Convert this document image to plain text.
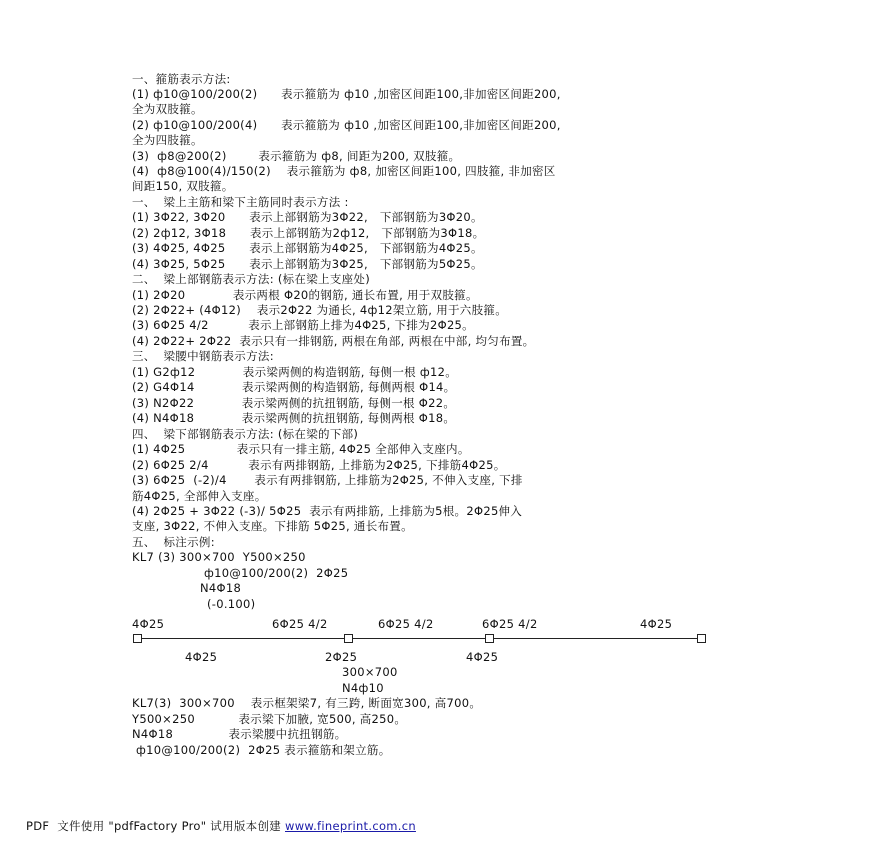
一、箍筋表示方法:
(1) ф10@100/200(2)      表示箍筋为 ф10 ,加密区间距100,非加密区间距200,
全为双肢箍。
(2) ф10@100/200(4)      表示箍筋为 ф10 ,加密区间距100,非加密区间距200,
全为四肢箍。
(3)  ф8@200(2)        表示箍筋为 ф8, 间距为200, 双肢箍。
(4)  ф8@100(4)/150(2)    表示箍筋为 ф8, 加密区间距100, 四肢箍, 非加密区
间距150, 双肢箍。
一、  梁上主筋和梁下主筋同时表示方法 :
(1) 3Φ22, 3Φ20      表示上部钢筋为3Φ22,   下部钢筋为3Φ20。
(2) 2ф12, 3Φ18      表示上部钢筋为2ф12,   下部钢筋为3Φ18。
(3) 4Φ25, 4Φ25      表示上部钢筋为4Φ25,   下部钢筋为4Φ25。
(4) 3Φ25, 5Φ25      表示上部钢筋为3Φ25,   下部钢筋为5Φ25。
二、  梁上部钢筋表示方法: (标在梁上支座处)
(1) 2Φ20            表示两根 Φ20的钢筋, 通长布置, 用于双肢箍。
(2) 2Φ22+ (4Φ12)    表示2Φ22 为通长, 4ф12架立筋, 用于六肢箍。
(3) 6Φ25 4/2          表示上部钢筋上排为4Φ25, 下排为2Φ25。
(4) 2Φ22+ 2Φ22  表示只有一排钢筋, 两根在角部, 两根在中部, 均匀布置。
三、  梁腰中钢筋表示方法:
(1) G2ф12            表示梁两侧的构造钢筋, 每侧一根 ф12。
(2) G4Φ14            表示梁两侧的构造钢筋, 每侧两根 Φ14。
(3) N2Φ22            表示梁两侧的抗扭钢筋, 每侧一根 Φ22。
(4) N4Φ18            表示梁两侧的抗扭钢筋, 每侧两根 Φ18。
四、  梁下部钢筋表示方法: (标在梁的下部)
(1) 4Φ25             表示只有一排主筋, 4Φ25 全部伸入支座内。
(2) 6Φ25 2/4          表示有两排钢筋, 上排筋为2Φ25, 下排筋4Φ25。
(3) 6Φ25  (-2)/4       表示有两排钢筋, 上排筋为2Φ25, 不伸入支座, 下排
筋4Φ25, 全部伸入支座。
(4) 2Φ25 + 3Φ22 (-3)/ 5Φ25  表示有两排筋, 上排筋为5根。2Φ25伸入
支座, 3Φ22, 不伸入支座。下排筋 5Φ25, 通长布置。
五、  标注示例:
KL7 (3) 300×700  Y500×250
ф10@100/200(2)  2Φ25
N4Φ18
(-0.100)
4Φ25	6Φ25 4/2	6Φ25 4/2	6Φ25 4/2	4Φ25
4Φ25	2Φ25	4Φ25
300×700
N4ф10
KL7(3)  300×700    表示框架梁7, 有三跨, 断面宽300, 高700。
Y500×250           表示梁下加腋, 宽500, 高250。
N4Φ18              表示梁腰中抗扭钢筋。
ф10@100/200(2)  2Φ25 表示箍筋和架立筋。
PDF  文件使用 "pdfFactory Pro" 试用版本创建 www.fineprint.com.cn
